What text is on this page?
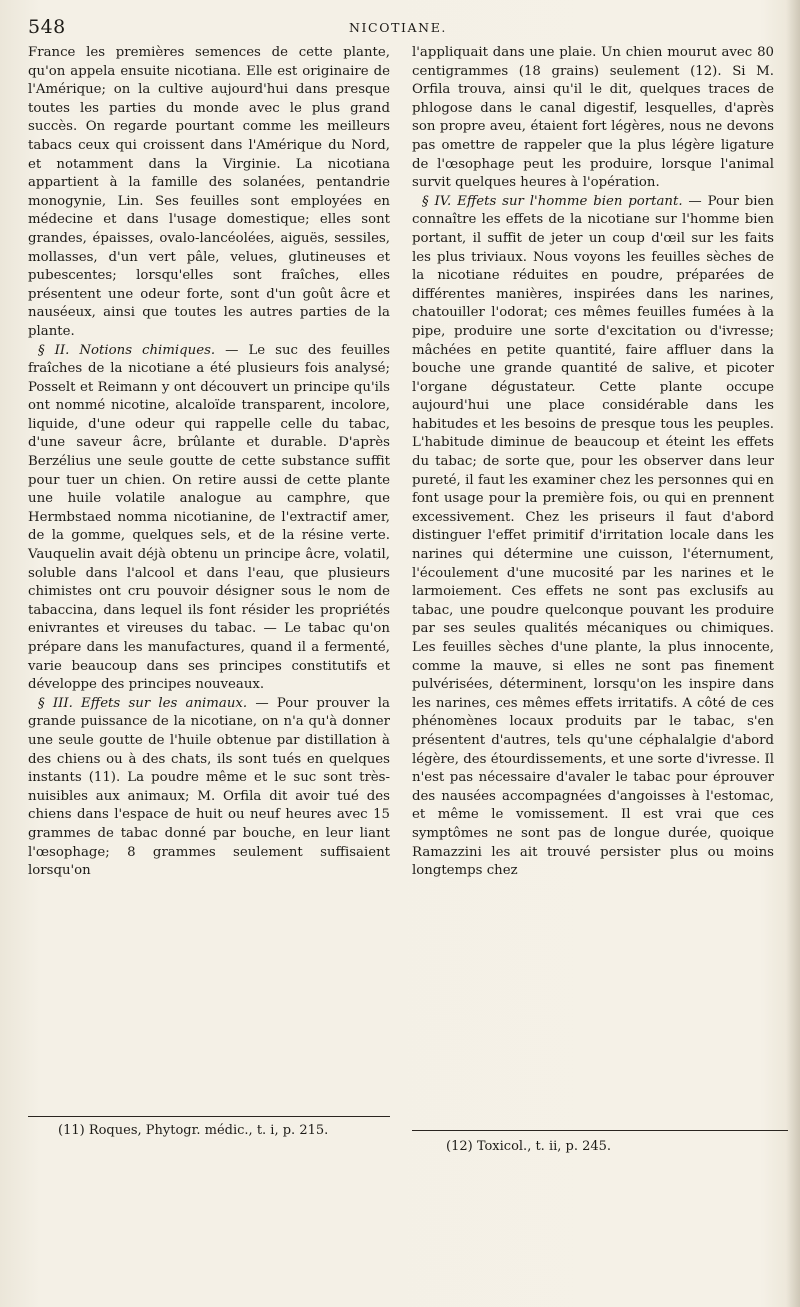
548	NICOTIANE.

France les premières semences de cette plante, qu'on appela ensuite nicotiana. Elle est originaire de l'Amérique; on la cultive aujourd'hui dans presque toutes les parties du monde avec le plus grand succès. On regarde pourtant comme les meilleurs tabacs ceux qui croissent dans l'Amérique du Nord, et notamment dans la Virginie. La nicotiana appartient à la famille des solanées, pentandrie monogynie, Lin. Ses feuilles sont employées en médecine et dans l'usage domestique; elles sont grandes, épaisses, ovalo-lancéolées, aiguës, sessiles, mollasses, d'un vert pâle, velues, glutineuses et pubescentes; lorsqu'elles sont fraîches, elles présentent une odeur forte, sont d'un goût âcre et nauséeux, ainsi que toutes les autres parties de la plante.

§ II. Notions chimiques. — Le suc des feuilles fraîches de la nicotiane a été plusieurs fois analysé; Posselt et Reimann y ont découvert un principe qu'ils ont nommé nicotine, alcaloïde transparent, incolore, liquide, d'une odeur qui rappelle celle du tabac, d'une saveur âcre, brûlante et durable. D'après Berzélius une seule goutte de cette substance suffit pour tuer un chien. On retire aussi de cette plante une huile volatile analogue au camphre, que Hermbstaed nomma nicotianine, de l'extractif amer, de la gomme, quelques sels, et de la résine verte. Vauquelin avait déjà obtenu un principe âcre, volatil, soluble dans l'alcool et dans l'eau, que plusieurs chimistes ont cru pouvoir désigner sous le nom de tabaccina, dans lequel ils font résider les propriétés enivrantes et vireuses du tabac. — Le tabac qu'on prépare dans les manufactures, quand il a fermenté, varie beaucoup dans ses principes constitutifs et développe des principes nouveaux.

§ III. Effets sur les animaux. — Pour prouver la grande puissance de la nicotiane, on n'a qu'à donner une seule goutte de l'huile obtenue par distillation à des chiens ou à des chats, ils sont tués en quelques instants (11). La poudre même et le suc sont très-nuisibles aux animaux; M. Orfila dit avoir tué des chiens dans l'espace de huit ou neuf heures avec 15 grammes de tabac donné par bouche, en leur liant l'œsophage; 8 grammes seulement suffisaient lorsqu'on

l'appliquait dans une plaie. Un chien mourut avec 80 centigrammes (18 grains) seulement (12). Si M. Orfila trouva, ainsi qu'il le dit, quelques traces de phlogose dans le canal digestif, lesquelles, d'après son propre aveu, étaient fort légères, nous ne devons pas omettre de rappeler que la plus légère ligature de l'œsophage peut les produire, lorsque l'animal survit quelques heures à l'opération.

§ IV. Effets sur l'homme bien portant. — Pour bien connaître les effets de la nicotiane sur l'homme bien portant, il suffit de jeter un coup d'œil sur les faits les plus triviaux. Nous voyons les feuilles sèches de la nicotiane réduites en poudre, préparées de différentes manières, inspirées dans les narines, chatouiller l'odorat; ces mêmes feuilles fumées à la pipe, produire une sorte d'excitation ou d'ivresse; mâchées en petite quantité, faire affluer dans la bouche une grande quantité de salive, et picoter l'organe dégustateur. Cette plante occupe aujourd'hui une place considérable dans les habitudes et les besoins de presque tous les peuples. L'habitude diminue de beaucoup et éteint les effets du tabac; de sorte que, pour les observer dans leur pureté, il faut les examiner chez les personnes qui en font usage pour la première fois, ou qui en prennent excessivement. Chez les priseurs il faut d'abord distinguer l'effet primitif d'irritation locale dans les narines qui détermine une cuisson, l'éternument, l'écoulement d'une mucosité par les narines et le larmoiement. Ces effets ne sont pas exclusifs au tabac, une poudre quelconque pouvant les produire par ses seules qualités mécaniques ou chimiques. Les feuilles sèches d'une plante, la plus innocente, comme la mauve, si elles ne sont pas finement pulvérisées, déterminent, lorsqu'on les inspire dans les narines, ces mêmes effets irritatifs. A côté de ces phénomènes locaux produits par le tabac, s'en présentent d'autres, tels qu'une céphalalgie d'abord légère, des étourdissements, et une sorte d'ivresse. Il n'est pas nécessaire d'avaler le tabac pour éprouver des nausées accompagnées d'angoisses à l'estomac, et même le vomissement. Il est vrai que ces symptômes ne sont pas de longue durée, quoique Ramazzini les ait trouvé persister plus ou moins longtemps chez

(11) Roques, Phytogr. médic., t. i, p. 215.
(12) Toxicol., t. ii, p. 245.
